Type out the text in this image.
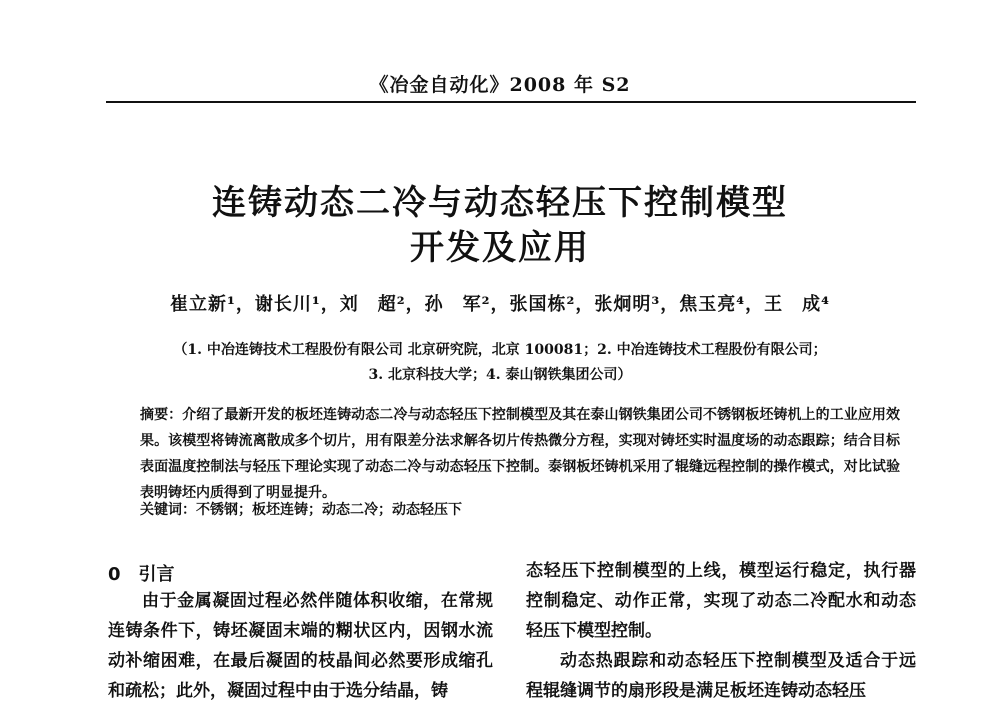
《冶金自动化》2008 年 S2
连铸动态二冷与动态轻压下控制模型
开发及应用
崔立新¹，谢长川¹，刘　超²，孙　军²，张国栋²，张炯明³，焦玉亮⁴，王　成⁴
（1. 中冶连铸技术工程股份有限公司 北京研究院，北京 100081；2. 中冶连铸技术工程股份有限公司；
3. 北京科技大学；4. 泰山钢铁集团公司）
摘要：介绍了最新开发的板坯连铸动态二冷与动态轻压下控制模型及其在泰山钢铁集团公司不锈钢板坯铸机上的工业应用效果。该模型将铸流离散成多个切片，用有限差分法求解各切片传热微分方程，实现对铸坯实时温度场的动态跟踪；结合目标表面温度控制法与轻压下理论实现了动态二冷与动态轻压下控制。泰钢板坯铸机采用了辊缝远程控制的操作模式，对比试验表明铸坯内质得到了明显提升。
关键词：不锈钢；板坯连铸；动态二冷；动态轻压下
0 引言

由于金属凝固过程必然伴随体积收缩，在常规连铸条件下，铸坯凝固末端的糊状区内，因钢水流动补缩困难，在最后凝固的枝晶间必然要形成缩孔和疏松；此外，凝固过程中由于选分结晶，铸

态轻压下控制模型的上线，模型运行稳定，执行器控制稳定、动作正常，实现了动态二冷配水和动态轻压下模型控制。

动态热跟踪和动态轻压下控制模型及适合于远程辊缝调节的扇形段是满足板坯连铸动态轻压
